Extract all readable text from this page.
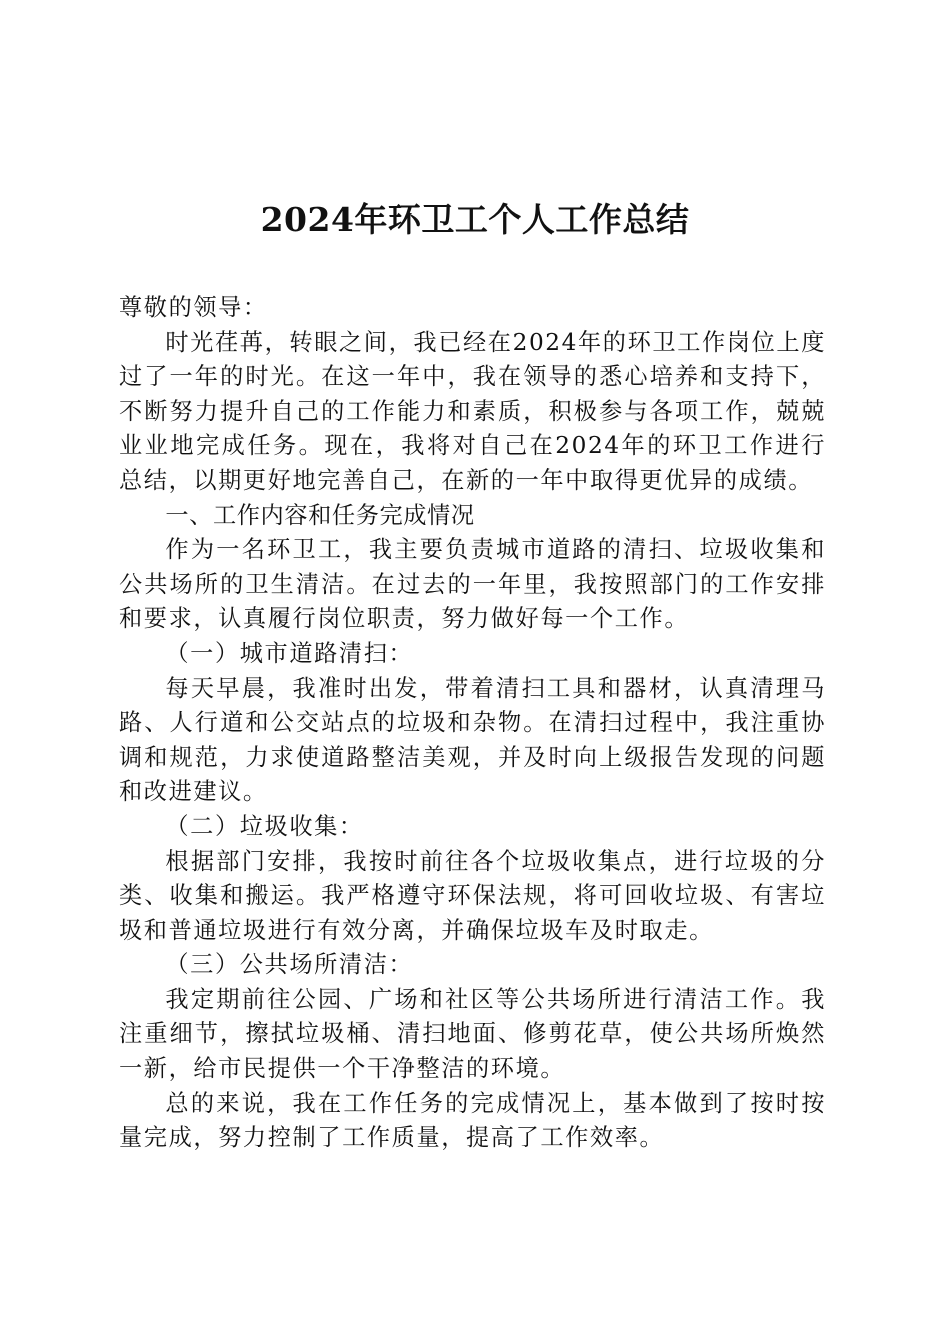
2024年环卫工个人工作总结

尊敬的领导：

时光荏苒，转眼之间，我已经在2024年的环卫工作岗位上度过了一年的时光。在这一年中，我在领导的悉心培养和支持下，不断努力提升自己的工作能力和素质，积极参与各项工作，兢兢业业地完成任务。现在，我将对自己在2024年的环卫工作进行总结，以期更好地完善自己，在新的一年中取得更优异的成绩。

一、工作内容和任务完成情况

作为一名环卫工，我主要负责城市道路的清扫、垃圾收集和公共场所的卫生清洁。在过去的一年里，我按照部门的工作安排和要求，认真履行岗位职责，努力做好每一个工作。

（一）城市道路清扫：

每天早晨，我准时出发，带着清扫工具和器材，认真清理马路、人行道和公交站点的垃圾和杂物。在清扫过程中，我注重协调和规范，力求使道路整洁美观，并及时向上级报告发现的问题和改进建议。

（二）垃圾收集：

根据部门安排，我按时前往各个垃圾收集点，进行垃圾的分类、收集和搬运。我严格遵守环保法规，将可回收垃圾、有害垃圾和普通垃圾进行有效分离，并确保垃圾车及时取走。

（三）公共场所清洁：

我定期前往公园、广场和社区等公共场所进行清洁工作。我注重细节，擦拭垃圾桶、清扫地面、修剪花草，使公共场所焕然一新，给市民提供一个干净整洁的环境。

总的来说，我在工作任务的完成情况上，基本做到了按时按量完成，努力控制了工作质量，提高了工作效率。
